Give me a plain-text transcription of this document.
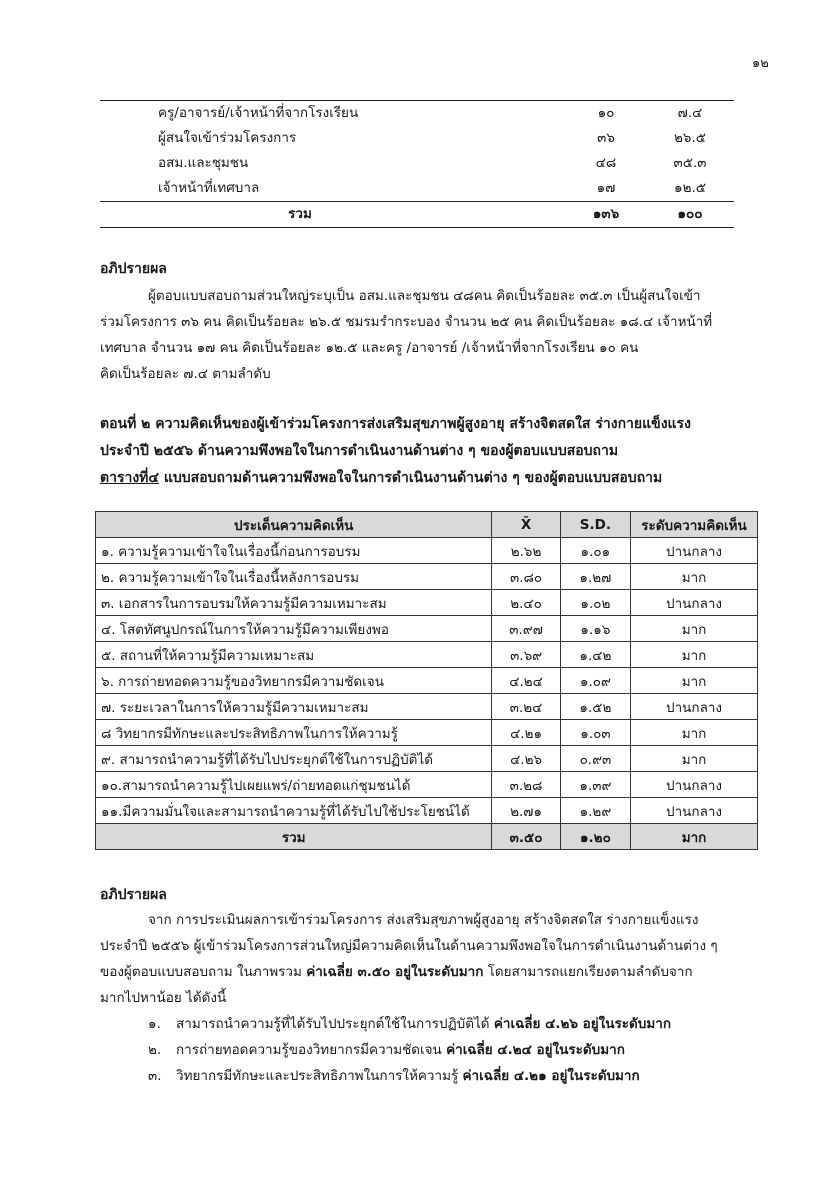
๑๒
ครู/อาจารย์/เจ้าหน้าที่จากโรงเรียน	๑๐	๗.๔
ผู้สนใจเข้าร่วมโครงการ	๓๖	๒๖.๕
อสม.และชุมชน	๔๘	๓๕.๓
เจ้าหน้าที่เทศบาล	๑๗	๑๒.๕
รวม	๑๓๖	๑๐๐
อภิปรายผล
ผู้ตอบแบบสอบถามส่วนใหญ่ระบุเป็น อสม.และชุมชน ๔๘คน คิดเป็นร้อยละ ๓๕.๓ เป็นผู้สนใจเข้า
ร่วมโครงการ ๓๖ คน คิดเป็นร้อยละ ๒๖.๕ ชมรมรำกระบอง จำนวน ๒๕ คน คิดเป็นร้อยละ ๑๘.๔ เจ้าหน้าที่
เทศบาล จำนวน ๑๗ คน คิดเป็นร้อยละ ๑๒.๕ และครู /อาจารย์ /เจ้าหน้าที่จากโรงเรียน ๑๐ คน
คิดเป็นร้อยละ ๗.๔ ตามลำดับ
ตอนที่ ๒ ความคิดเห็นของผู้เข้าร่วมโครงการส่งเสริมสุขภาพผู้สูงอายุ สร้างจิตสดใส ร่างกายแข็งแรง
ประจำปี ๒๕๕๖ ด้านความพึงพอใจในการดำเนินงานด้านต่าง ๆ ของผู้ตอบแบบสอบถาม
ตารางที่๔ แบบสอบถามด้านความพึงพอใจในการดำเนินงานด้านต่าง ๆ ของผู้ตอบแบบสอบถาม
ประเด็นความคิดเห็น	X̄	S.D.	ระดับความคิดเห็น
๑. ความรู้ความเข้าใจในเรื่องนี้ก่อนการอบรม	๒.๖๒	๑.๐๑	ปานกลาง
๒. ความรู้ความเข้าใจในเรื่องนี้หลังการอบรม	๓.๘๐	๑.๒๗	มาก
๓. เอกสารในการอบรมให้ความรู้มีความเหมาะสม	๒.๔๐	๑.๐๒	ปานกลาง
๔. โสตทัศนูปกรณ์ในการให้ความรู้มีความเพียงพอ	๓.๙๗	๑.๑๖	มาก
๕. สถานที่ให้ความรู้มีความเหมาะสม	๓.๖๙	๑.๔๒	มาก
๖. การถ่ายทอดความรู้ของวิทยากรมีความชัดเจน	๔.๒๔	๑.๐๙	มาก
๗. ระยะเวลาในการให้ความรู้มีความเหมาะสม	๓.๒๔	๑.๕๒	ปานกลาง
๘ วิทยากรมีทักษะและประสิทธิภาพในการให้ความรู้	๔.๒๑	๑.๐๓	มาก
๙. สามารถนำความรู้ที่ได้รับไปประยุกต์ใช้ในการปฏิบัติได้	๔.๒๖	๐.๙๓	มาก
๑๐.สามารถนำความรู้ไปเผยแพร่/ถ่ายทอดแก่ชุมชนได้	๓.๒๘	๑.๓๙	ปานกลาง
๑๑.มีความมั่นใจและสามารถนำความรู้ที่ได้รับไปใช้ประโยชน์ได้	๒.๗๑	๑.๒๙	ปานกลาง
รวม	๓.๕๐	๑.๒๐	มาก
อภิปรายผล
จาก การประเมินผลการเข้าร่วมโครงการ ส่งเสริมสุขภาพผู้สูงอายุ สร้างจิตสดใส ร่างกายแข็งแรง
ประจำปี ๒๕๕๖ ผู้เข้าร่วมโครงการส่วนใหญ่มีความคิดเห็นในด้านความพึงพอใจในการดำเนินงานด้านต่าง ๆ
ของผู้ตอบแบบสอบถาม ในภาพรวม ค่าเฉลี่ย ๓.๕๐ อยู่ในระดับมาก โดยสามารถแยกเรียงตามลำดับจาก
มากไปหาน้อย ได้ดังนี้
๑. สามารถนำความรู้ที่ได้รับไปประยุกต์ใช้ในการปฏิบัติได้ ค่าเฉลี่ย ๔.๒๖ อยู่ในระดับมาก
๒. การถ่ายทอดความรู้ของวิทยากรมีความชัดเจน ค่าเฉลี่ย ๔.๒๔ อยู่ในระดับมาก
๓. วิทยากรมีทักษะและประสิทธิภาพในการให้ความรู้ ค่าเฉลี่ย ๔.๒๑ อยู่ในระดับมาก
